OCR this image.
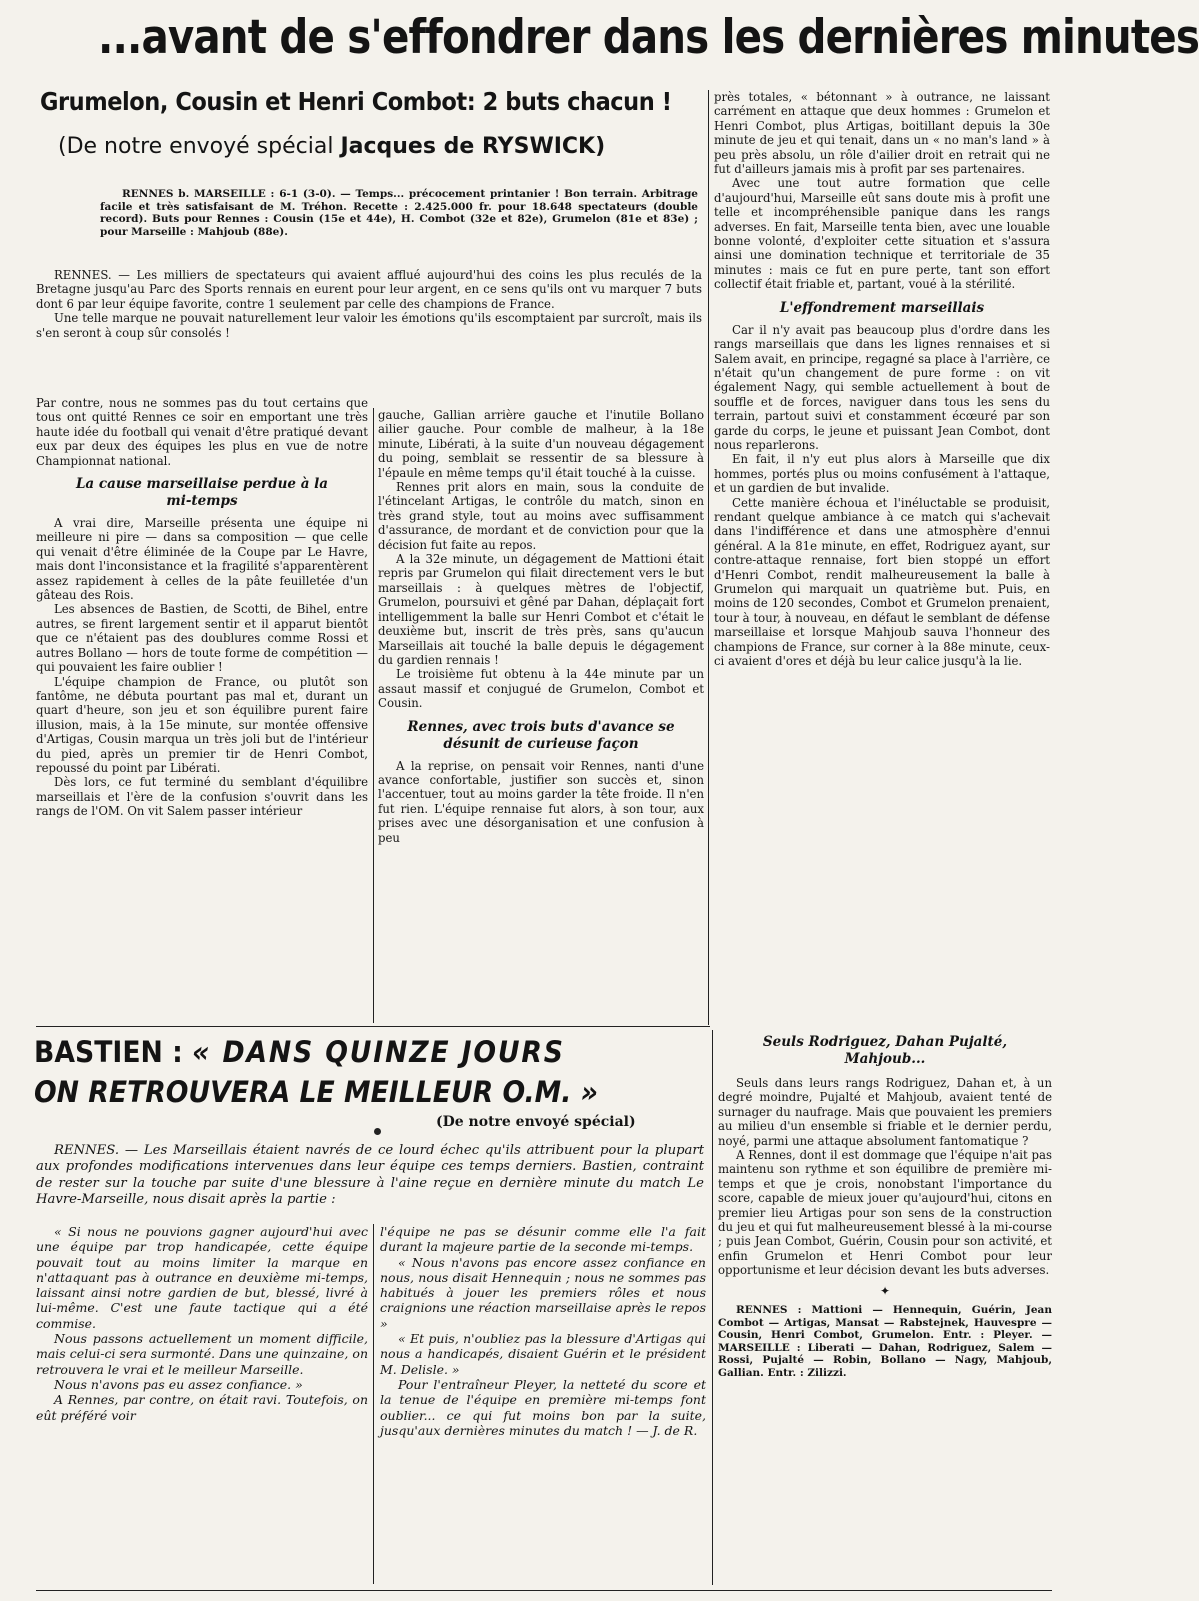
...avant de s'effondrer dans les dernières minutes
Grumelon, Cousin et Henri Combot: 2 buts chacun !
(De notre envoyé spécial Jacques de RYSWICK)
RENNES b. MARSEILLE : 6-1 (3-0). — Temps... précocement printanier ! Bon terrain. Arbitrage facile et très satisfaisant de M. Tréhon. Recette : 2.425.000 fr. pour 18.648 spectateurs (double record). Buts pour Rennes : Cousin (15e et 44e), H. Combot (32e et 82e), Grumelon (81e et 83e) ; pour Marseille : Mahjoub (88e).

RENNES. — Les milliers de spectateurs qui avaient afflué aujourd'hui des coins les plus reculés de la Bretagne jusqu'au Parc des Sports rennais en eurent pour leur argent, en ce sens qu'ils ont vu marquer 7 buts dont 6 par leur équipe favorite, contre 1 seulement par celle des champions de France.

Une telle marque ne pouvait naturellement leur valoir les émotions qu'ils escomptaient par surcroît, mais ils s'en seront à coup sûr consolés !

Par contre, nous ne sommes pas du tout certains que tous ont quitté Rennes ce soir en emportant une très haute idée du football qui venait d'être pratiqué devant eux par deux des équipes les plus en vue de notre Championnat national.

La cause marseillaise perdue à la mi-temps

A vrai dire, Marseille présenta une équipe ni meilleure ni pire — dans sa composition — que celle qui venait d'être éliminée de la Coupe par Le Havre, mais dont l'inconsistance et la fragilité s'apparentèrent assez rapidement à celles de la pâte feuilletée d'un gâteau des Rois.

Les absences de Bastien, de Scotti, de Bihel, entre autres, se firent largement sentir et il apparut bientôt que ce n'étaient pas des doublures comme Rossi et autres Bollano — hors de toute forme de compétition — qui pouvaient les faire oublier !

L'équipe champion de France, ou plutôt son fantôme, ne débuta pourtant pas mal et, durant un quart d'heure, son jeu et son équilibre purent faire illusion, mais, à la 15e minute, sur montée offensive d'Artigas, Cousin marqua un très joli but de l'intérieur du pied, après un premier tir de Henri Combot, repoussé du point par Libérati.

Dès lors, ce fut terminé du semblant d'équilibre marseillais et l'ère de la confusion s'ouvrit dans les rangs de l'OM. On vit Salem passer intérieur

gauche, Gallian arrière gauche et l'inutile Bollano ailier gauche. Pour comble de malheur, à la 18e minute, Libérati, à la suite d'un nouveau dégagement du poing, semblait se ressentir de sa blessure à l'épaule en même temps qu'il était touché à la cuisse.

Rennes prit alors en main, sous la conduite de l'étincelant Artigas, le contrôle du match, sinon en très grand style, tout au moins avec suffisamment d'assurance, de mordant et de conviction pour que la décision fut faite au repos.

A la 32e minute, un dégagement de Mattioni était repris par Grumelon qui filait directement vers le but marseillais : à quelques mètres de l'objectif, Grumelon, poursuivi et gêné par Dahan, déplaçait fort intelligemment la balle sur Henri Combot et c'était le deuxième but, inscrit de très près, sans qu'aucun Marseillais ait touché la balle depuis le dégagement du gardien rennais !

Le troisième fut obtenu à la 44e minute par un assaut massif et conjugué de Grumelon, Combot et Cousin.

Rennes, avec trois buts d'avance se désunit de curieuse façon

A la reprise, on pensait voir Rennes, nanti d'une avance confortable, justifier son succès et, sinon l'accentuer, tout au moins garder la tête froide. Il n'en fut rien. L'équipe rennaise fut alors, à son tour, aux prises avec une désorganisation et une confusion à peu

près totales, « bétonnant » à outrance, ne laissant carrément en attaque que deux hommes : Grumelon et Henri Combot, plus Artigas, boitillant depuis la 30e minute de jeu et qui tenait, dans un « no man's land » à peu près absolu, un rôle d'ailier droit en retrait qui ne fut d'ailleurs jamais mis à profit par ses partenaires.

Avec une tout autre formation que celle d'aujourd'hui, Marseille eût sans doute mis à profit une telle et incompréhensible panique dans les rangs adverses. En fait, Marseille tenta bien, avec une louable bonne volonté, d'exploiter cette situation et s'assura ainsi une domination technique et territoriale de 35 minutes : mais ce fut en pure perte, tant son effort collectif était friable et, partant, voué à la stérilité.

L'effondrement marseillais

Car il n'y avait pas beaucoup plus d'ordre dans les rangs marseillais que dans les lignes rennaises et si Salem avait, en principe, regagné sa place à l'arrière, ce n'était qu'un changement de pure forme : on vit également Nagy, qui semble actuellement à bout de souffle et de forces, naviguer dans tous les sens du terrain, partout suivi et constamment écœuré par son garde du corps, le jeune et puissant Jean Combot, dont nous reparlerons.

En fait, il n'y eut plus alors à Marseille que dix hommes, portés plus ou moins confusément à l'attaque, et un gardien de but invalide.

Cette manière échoua et l'inéluctable se produisit, rendant quelque ambiance à ce match qui s'achevait dans l'indifférence et dans une atmosphère d'ennui général. A la 81e minute, en effet, Rodriguez ayant, sur contre-attaque rennaise, fort bien stoppé un effort d'Henri Combot, rendit malheureusement la balle à Grumelon qui marquait un quatrième but. Puis, en moins de 120 secondes, Combot et Grumelon prenaient, tour à tour, à nouveau, en défaut le semblant de défense marseillaise et lorsque Mahjoub sauva l'honneur des champions de France, sur corner à la 88e minute, ceux-ci avaient d'ores et déjà bu leur calice jusqu'à la lie.

Seuls Rodriguez, Dahan Pujalté, Mahjoub...

Seuls dans leurs rangs Rodriguez, Dahan et, à un degré moindre, Pujalté et Mahjoub, avaient tenté de surnager du naufrage. Mais que pouvaient les premiers au milieu d'un ensemble si friable et le dernier perdu, noyé, parmi une attaque absolument fantomatique ?

A Rennes, dont il est dommage que l'équipe n'ait pas maintenu son rythme et son équilibre de première mi-temps et que je crois, nonobstant l'importance du score, capable de mieux jouer qu'aujourd'hui, citons en premier lieu Artigas pour son sens de la construction du jeu et qui fut malheureusement blessé à la mi-course ; puis Jean Combot, Guérin, Cousin pour son activité, et enfin Grumelon et Henri Combot pour leur opportunisme et leur décision devant les buts adverses.

✦
RENNES : Mattioni — Hennequin, Guérin, Jean Combot — Artigas, Mansat — Rabstejnek, Hauvespre — Cousin, Henri Combot, Grumelon. Entr. : Pleyer. — MARSEILLE : Liberati — Dahan, Rodriguez, Salem — Rossi, Pujalté — Robin, Bollano — Nagy, Mahjoub, Gallian. Entr. : Zilizzi.
BASTIEN : « DANS QUINZE JOURS
ON RETROUVERA LE MEILLEUR O.M. »
(De notre envoyé spécial)
RENNES. — Les Marseillais étaient navrés de ce lourd échec qu'ils attribuent pour la plupart aux profondes modifications intervenues dans leur équipe ces temps derniers. Bastien, contraint de rester sur la touche par suite d'une blessure à l'aine reçue en dernière minute du match Le Havre-Marseille, nous disait après la partie :

« Si nous ne pouvions gagner aujourd'hui avec une équipe par trop handicapée, cette équipe pouvait tout au moins limiter la marque en n'attaquant pas à outrance en deuxième mi-temps, laissant ainsi notre gardien de but, blessé, livré à lui-même. C'est une faute tactique qui a été commise.

Nous passons actuellement un moment difficile, mais celui-ci sera surmonté. Dans une quinzaine, on retrouvera le vrai et le meilleur Marseille.

Nous n'avons pas eu assez confiance. »

A Rennes, par contre, on était ravi. Toutefois, on eût préféré voir

l'équipe ne pas se désunir comme elle l'a fait durant la majeure partie de la seconde mi-temps.

« Nous n'avons pas encore assez confiance en nous, nous disait Hennequin ; nous ne sommes pas habitués à jouer les premiers rôles et nous craignions une réaction marseillaise après le repos »

« Et puis, n'oubliez pas la blessure d'Artigas qui nous a handicapés, disaient Guérin et le président M. Delisle. »

Pour l'entraîneur Pleyer, la netteté du score et la tenue de l'équipe en première mi-temps font oublier... ce qui fut moins bon par la suite, jusqu'aux dernières minutes du match ! — J. de R.
